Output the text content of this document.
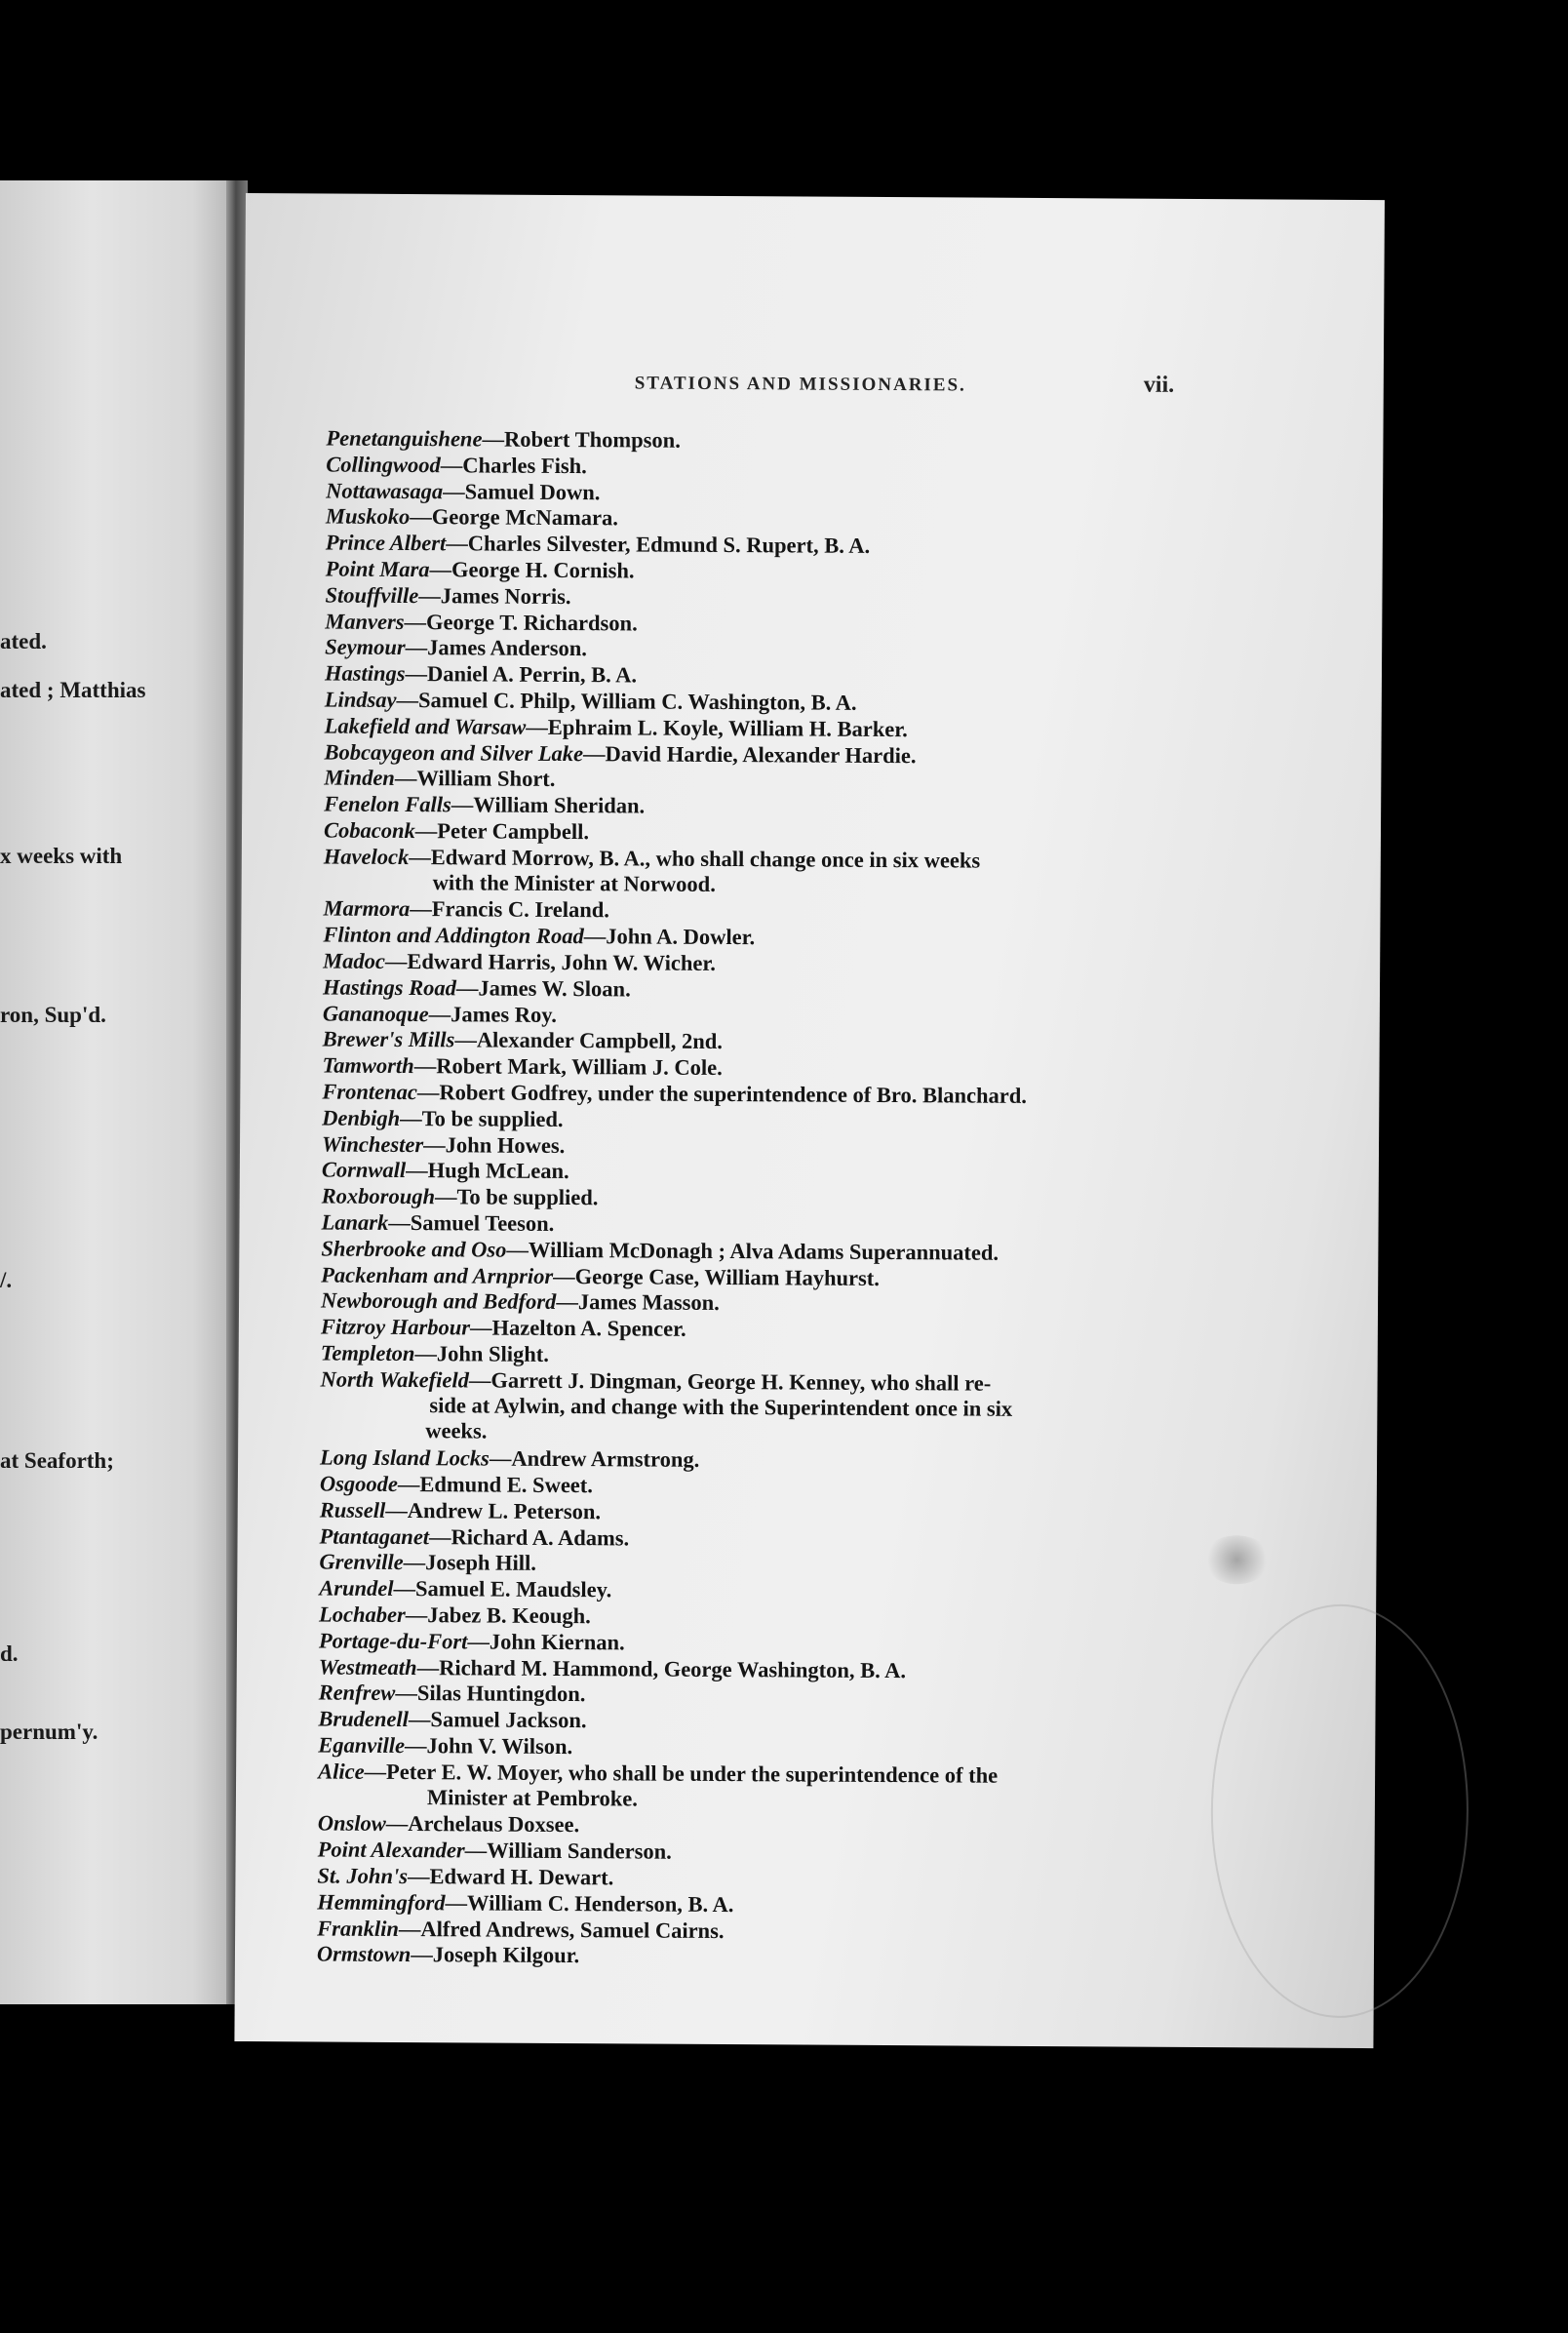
ated.
ated ; Matthias
x weeks with
ron, Sup'd.
/.
at Seaforth;
d.
pernum'y.
STATIONS AND MISSIONARIES.	vii.
Penetanguishene—Robert Thompson.
Collingwood—Charles Fish.
Nottawasaga—Samuel Down.
Muskoko—George McNamara.
Prince Albert—Charles Silvester, Edmund S. Rupert, B. A.
Point Mara—George H. Cornish.
Stouffville—James Norris.
Manvers—George T. Richardson.
Seymour—James Anderson.
Hastings—Daniel A. Perrin, B. A.
Lindsay—Samuel C. Philp, William C. Washington, B. A.
Lakefield and Warsaw—Ephraim L. Koyle, William H. Barker.
Bobcaygeon and Silver Lake—David Hardie, Alexander Hardie.
Minden—William Short.
Fenelon Falls—William Sheridan.
Cobaconk—Peter Campbell.
Havelock—Edward Morrow, B. A., who shall change once in six weeks
with the Minister at Norwood.
Marmora—Francis C. Ireland.
Flinton and Addington Road—John A. Dowler.
Madoc—Edward Harris, John W. Wicher.
Hastings Road—James W. Sloan.
Gananoque—James Roy.
Brewer's Mills—Alexander Campbell, 2nd.
Tamworth—Robert Mark, William J. Cole.
Frontenac—Robert Godfrey, under the superintendence of Bro. Blanchard.
Denbigh—To be supplied.
Winchester—John Howes.
Cornwall—Hugh McLean.
Roxborough—To be supplied.
Lanark—Samuel Teeson.
Sherbrooke and Oso—William McDonagh ; Alva Adams Superannuated.
Packenham and Arnprior—George Case, William Hayhurst.
Newborough and Bedford—James Masson.
Fitzroy Harbour—Hazelton A. Spencer.
Templeton—John Slight.
North Wakefield—Garrett J. Dingman, George H. Kenney, who shall re-
side at Aylwin, and change with the Superintendent once in six
weeks.
Long Island Locks—Andrew Armstrong.
Osgoode—Edmund E. Sweet.
Russell—Andrew L. Peterson.
Ptantaganet—Richard A. Adams.
Grenville—Joseph Hill.
Arundel—Samuel E. Maudsley.
Lochaber—Jabez B. Keough.
Portage-du-Fort—John Kiernan.
Westmeath—Richard M. Hammond, George Washington, B. A.
Renfrew—Silas Huntingdon.
Brudenell—Samuel Jackson.
Eganville—John V. Wilson.
Alice—Peter E. W. Moyer, who shall be under the superintendence of the
Minister at Pembroke.
Onslow—Archelaus Doxsee.
Point Alexander—William Sanderson.
St. John's—Edward H. Dewart.
Hemmingford—William C. Henderson, B. A.
Franklin—Alfred Andrews, Samuel Cairns.
Ormstown—Joseph Kilgour.
